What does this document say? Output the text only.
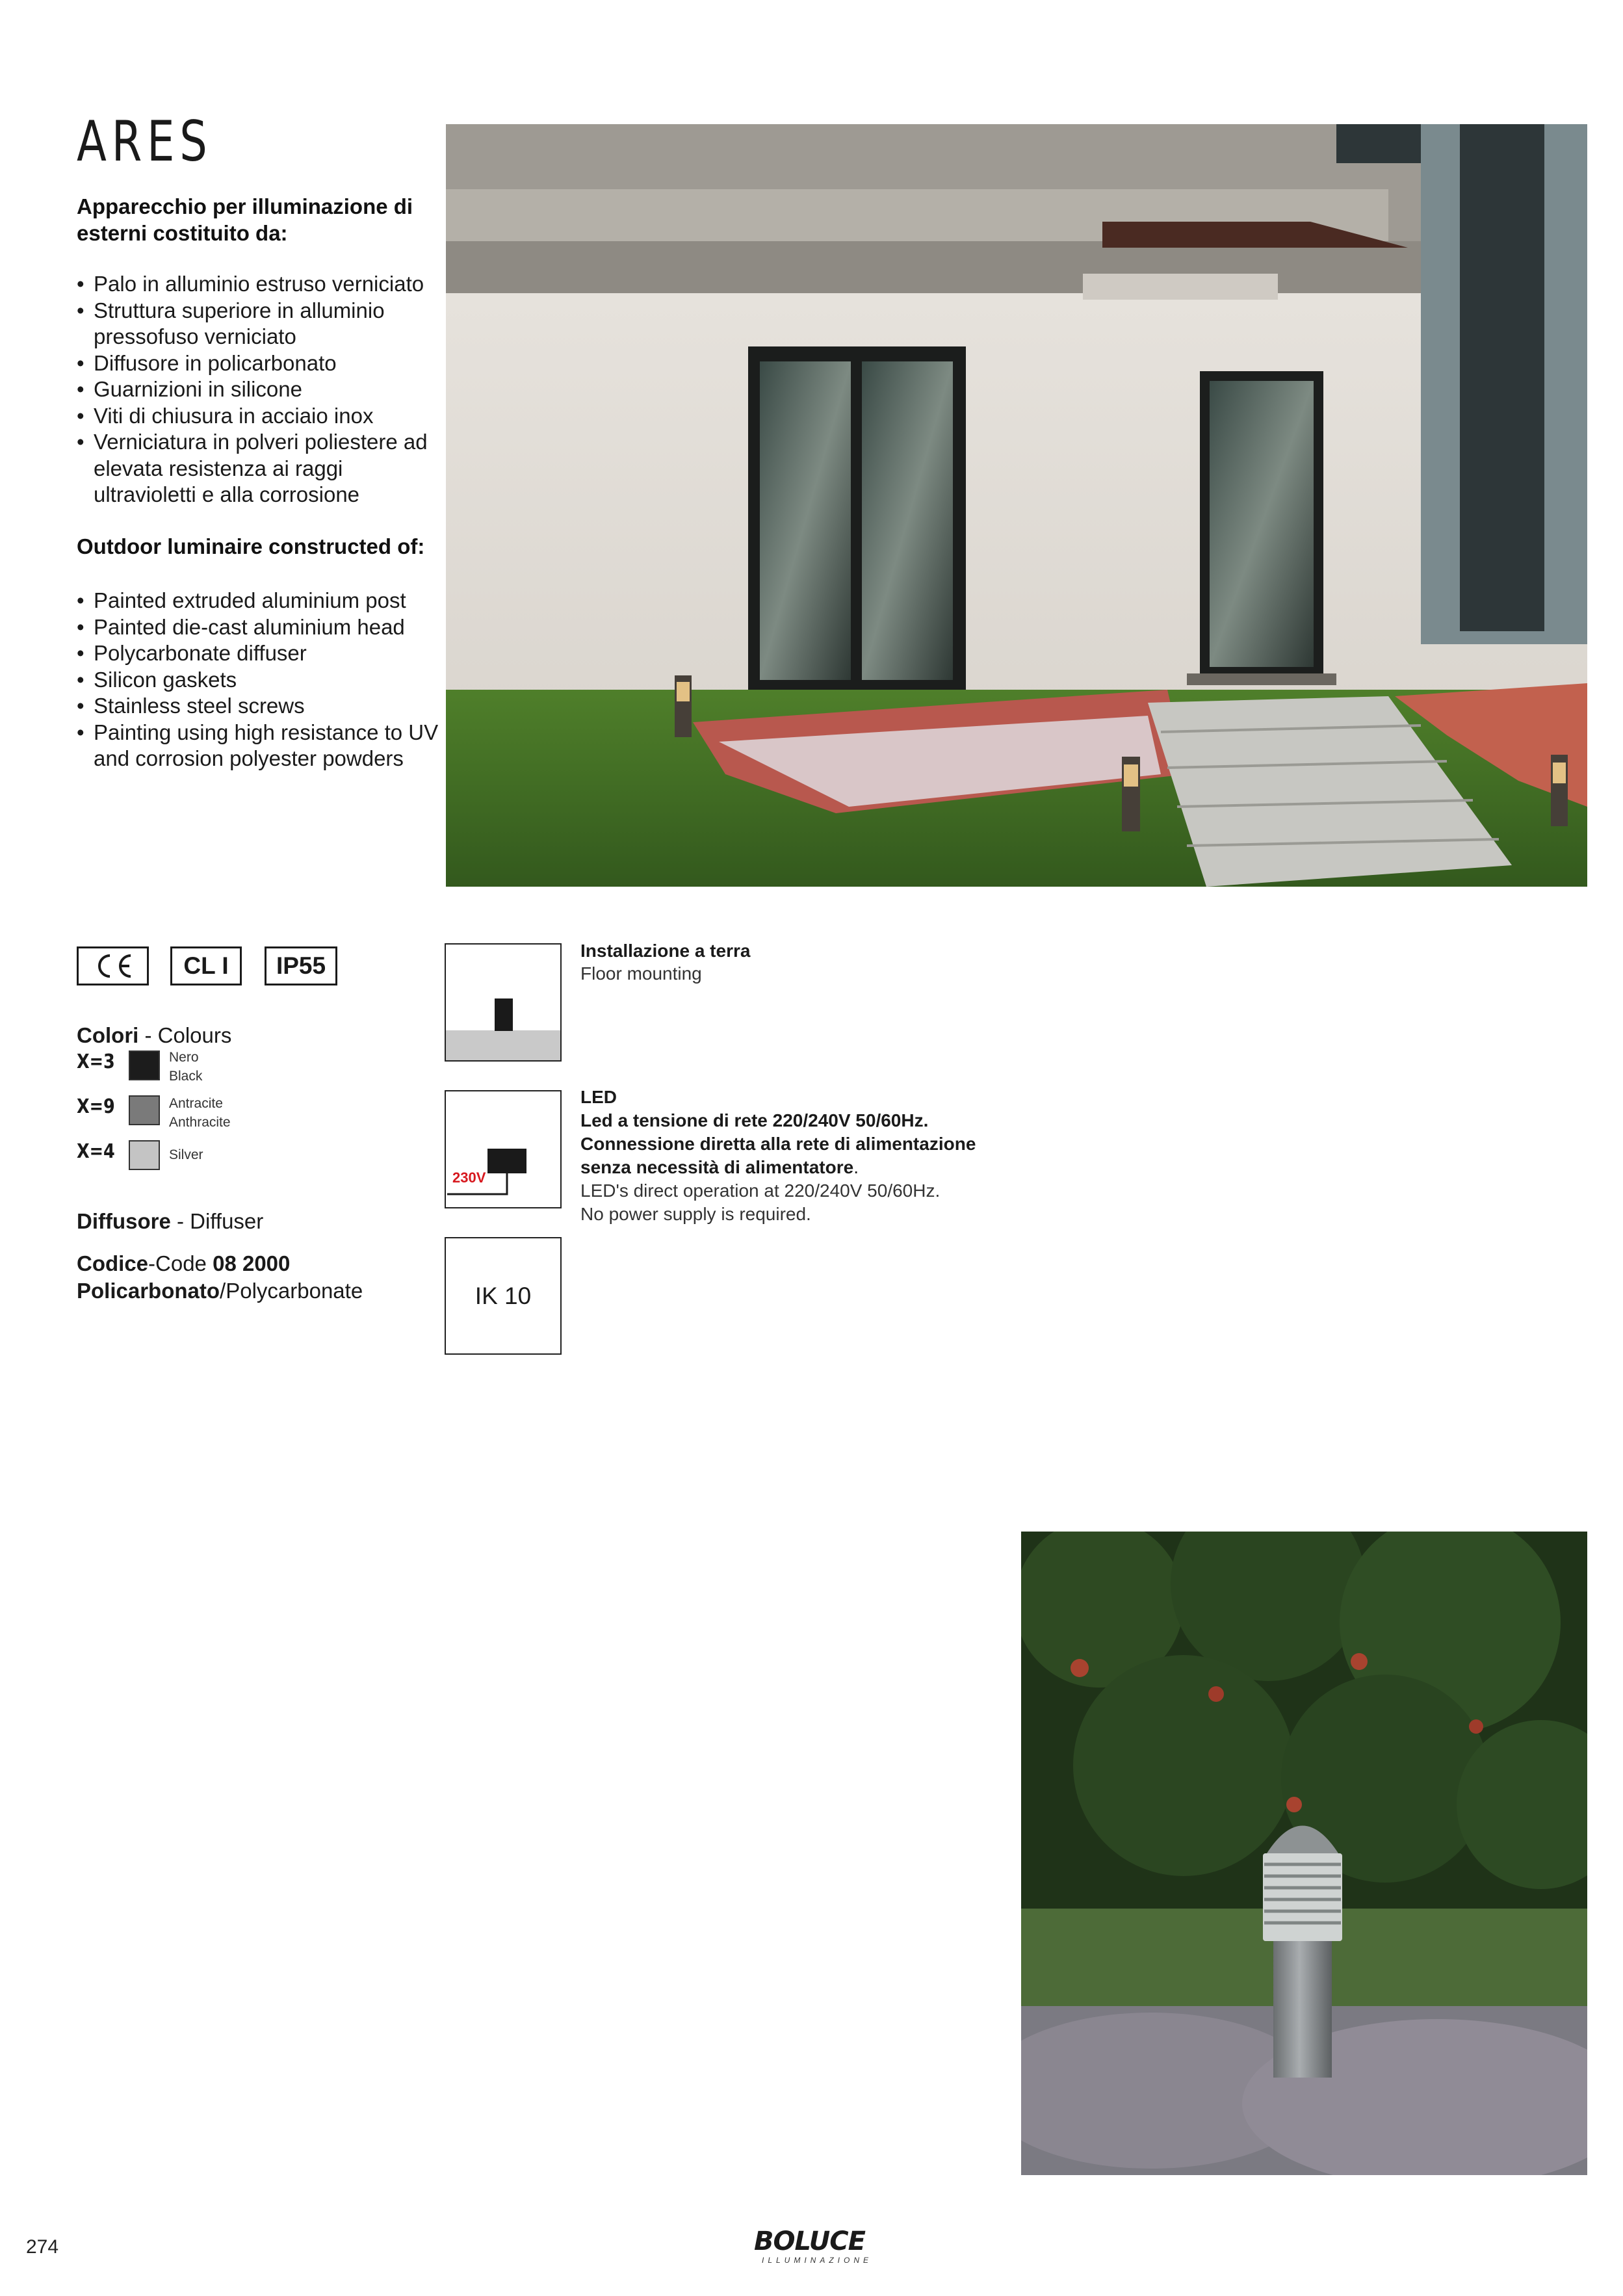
ARES
Apparecchio per illuminazione di esterni costituito da:
• Palo in alluminio estruso verniciato
• Struttura superiore in alluminio pressofuso verniciato
• Diffusore in policarbonato
• Guarnizioni in silicone
• Viti di chiusura in acciaio inox
• Verniciatura in polveri poliestere ad elevata resistenza ai raggi ultravioletti e alla corrosione
Outdoor luminaire constructed of:
• Painted extruded aluminium post
• Painted die-cast aluminium head
• Polycarbonate diffuser
• Silicon gaskets
• Stainless steel screws
• Painting using high resistance to UV and corrosion polyester powders
CL I	IP55
Colori - Colours
X=3	Nero
Black
X=9	Antracite
Anthracite
X=4	Silver
Diffusore - Diffuser
Codice-Code 08 2000
Policarbonato/Polycarbonate
230V
IK 10
Installazione a terra
Floor mounting
LED
Led a tensione di rete 220/240V 50/60Hz.
Connessione diretta alla rete di alimentazione
senza necessità di alimentatore.
LED's direct operation at 220/240V 50/60Hz.
No power supply is required.
274	BOLUCE
ILLUMINAZIONE
